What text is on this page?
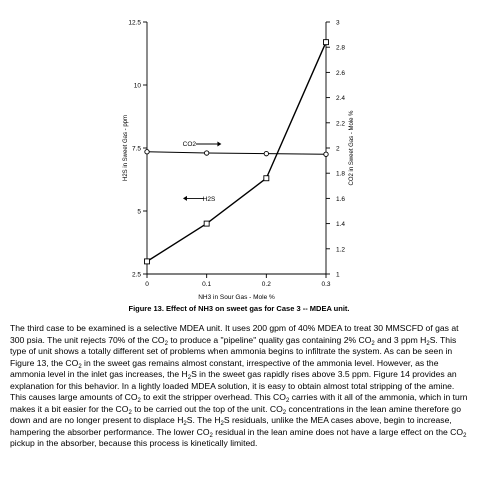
2.5
5
7.5
10
12.5
1
1.2
1.4
1.6
1.8
2
2.2
2.4
2.6
2.8
3
0	0.1	0.2	0.3
NH3 in Sour Gas - Mole %
H2S in Sweet Gas - ppm	CO2 in Sweet Gas - Mole %
CO2
H2S
Figure 13. Effect of NH3 on sweet gas for Case 3 -- MDEA unit.
The third case to be examined is a selective MDEA unit. It uses 200 gpm of 40% MDEA to treat 30 MMSCFD of gas at 300 psia. The unit rejects 70% of the $CO_2$ to produce a "pipeline" quality gas containing 2% $CO_2$ and 3 ppm $H_2S$. This type of unit shows a totally different set of problems when ammonia begins to infiltrate the system. As can be seen in Figure 13, the $CO_2$ in the sweet gas remains almost constant, irrespective of the ammonia level. However, as the ammonia level in the inlet gas increases, the $H_2S$ in the sweet gas rapidly rises above 3.5 ppm. Figure 14 provides an explanation for this behavior. In a lightly loaded MDEA solution, it is easy to obtain almost total stripping of the amine. This causes large amounts of $CO_2$ to exit the stripper overhead. This $CO_2$ carries with it all of the ammonia, which in turn makes it a bit easier for the $CO_2$ to be carried out the top of the unit. $CO_2$ concentrations in the lean amine therefore go down and are no longer present to displace $H_2S$. The $H_2S$ residuals, unlike the MEA cases above, begin to increase, hampering the absorber performance. The lower $CO_2$ residual in the lean amine does not have a large effect on the $CO_2$ pickup in the absorber, because this process is kinetically limited.
